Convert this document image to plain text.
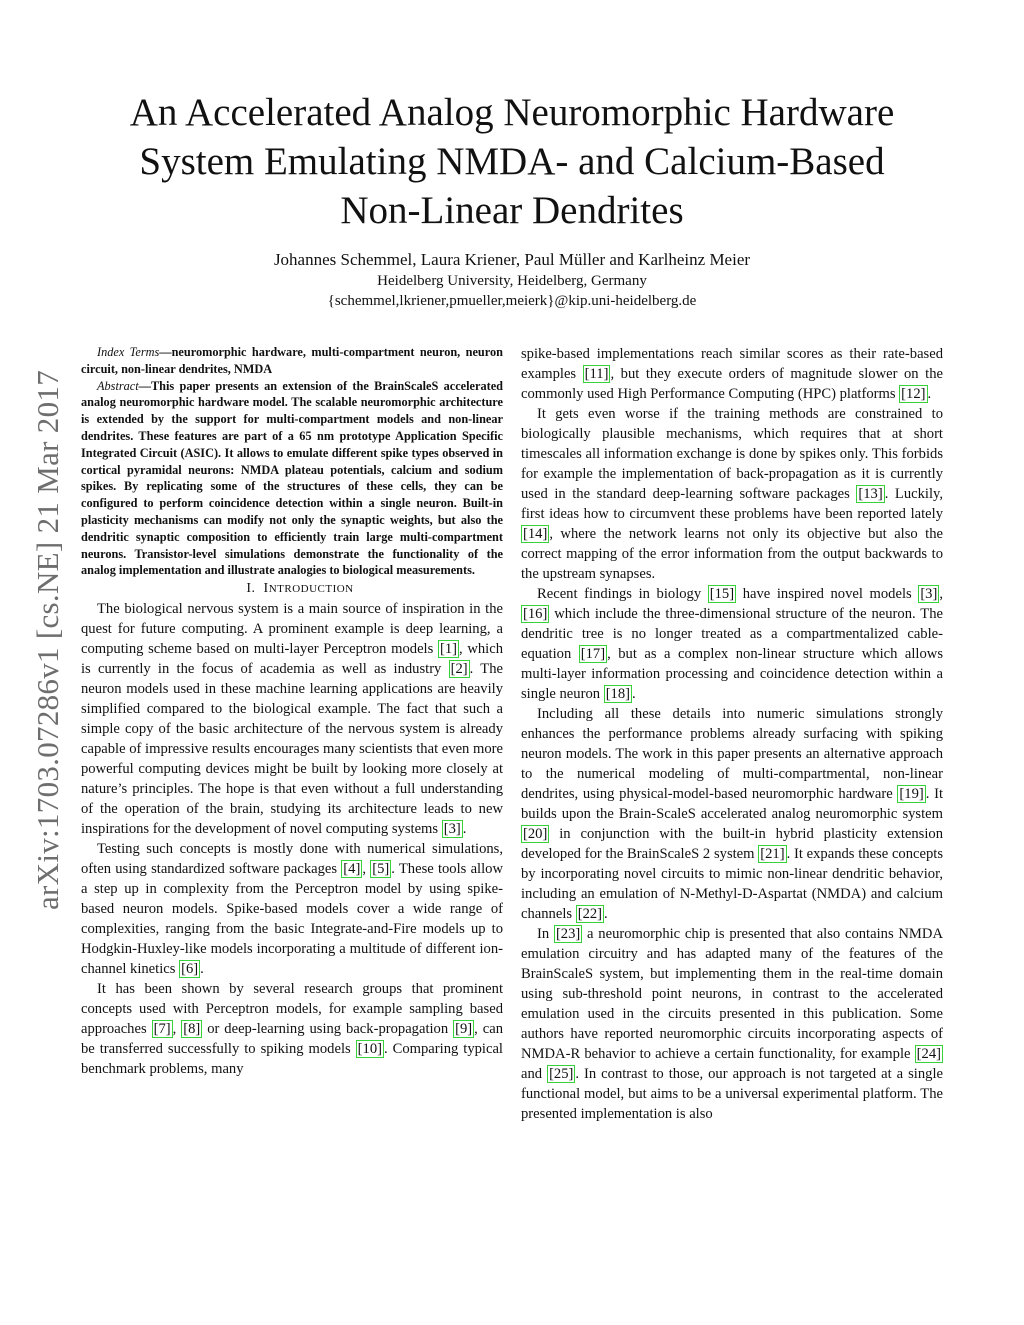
arXiv:1703.07286v1 [cs.NE] 21 Mar 2017
An Accelerated Analog Neuromorphic Hardware
System Emulating NMDA- and Calcium-Based
Non-Linear Dendrites
Johannes Schemmel, Laura Kriener, Paul Müller and Karlheinz Meier
Heidelberg University, Heidelberg, Germany
{schemmel,lkriener,pmueller,meierk}@kip.uni-heidelberg.de

Index Terms—neuromorphic hardware, multi-compartment neuron, neuron circuit, non-linear dendrites, NMDA

Abstract—This paper presents an extension of the BrainScaleS accelerated analog neuromorphic hardware model. The scalable neuromorphic architecture is extended by the support for multi-compartment models and non-linear dendrites. These features are part of a 65 nm prototype Application Specific Integrated Circuit (ASIC). It allows to emulate different spike types observed in cortical pyramidal neurons: NMDA plateau potentials, calcium and sodium spikes. By replicating some of the structures of these cells, they can be configured to perform coincidence detection within a single neuron. Built-in plasticity mechanisms can modify not only the synaptic weights, but also the dendritic synaptic composition to efficiently train large multi-compartment neurons. Transistor-level simulations demonstrate the functionality of the analog implementation and illustrate analogies to biological measurements.

I. INTRODUCTION

The biological nervous system is a main source of inspiration in the quest for future computing. A prominent example is deep learning, a computing scheme based on multi-layer Perceptron models [1] , which is currently in the focus of academia as well as industry [2] . The neuron models used in these machine learning applications are heavily simplified compared to the biological example. The fact that such a simple copy of the basic architecture of the nervous system is already capable of impressive results encourages many scientists that even more powerful computing devices might be built by looking more closely at nature’s principles. The hope is that even without a full understanding of the operation of the brain, studying its architecture leads to new inspirations for the development of novel computing systems [3] .

Testing such concepts is mostly done with numerical simulations, often using standardized software packages [4] , [5] . These tools allow a step up in complexity from the Perceptron model by using spike-based neuron models. Spike-based models cover a wide range of complexities, ranging from the basic Integrate-and-Fire models up to Hodgkin-Huxley-like models incorporating a multitude of different ion-channel kinetics [6] .

It has been shown by several research groups that prominent concepts used with Perceptron models, for example sampling based approaches [7] , [8] or deep-learning using back-propagation [9] , can be transferred successfully to spiking models [10] . Comparing typical benchmark problems, many

spike-based implementations reach similar scores as their rate-based examples [11] , but they execute orders of magnitude slower on the commonly used High Performance Computing (HPC) platforms [12] .

It gets even worse if the training methods are constrained to biologically plausible mechanisms, which requires that at short timescales all information exchange is done by spikes only. This forbids for example the implementation of back-propagation as it is currently used in the standard deep-learning software packages [13] . Luckily, first ideas how to circumvent these problems have been reported lately [14] , where the network learns not only its objective but also the correct mapping of the error information from the output backwards to the upstream synapses.

Recent findings in biology [15] have inspired novel models [3] , [16] which include the three-dimensional structure of the neuron. The dendritic tree is no longer treated as a compartmentalized cable-equation [17] , but as a complex non-linear structure which allows multi-layer information processing and coincidence detection within a single neuron [18] .

Including all these details into numeric simulations strongly enhances the performance problems already surfacing with spiking neuron models. The work in this paper presents an alternative approach to the numerical modeling of multi-compartmental, non-linear dendrites, using physical-model-based neuromorphic hardware [19] . It builds upon the Brain-ScaleS accelerated analog neuromorphic system [20] in conjunction with the built-in hybrid plasticity extension developed for the BrainScaleS 2 system [21] . It expands these concepts by incorporating novel circuits to mimic non-linear dendritic behavior, including an emulation of N-Methyl-D-Aspartat (NMDA) and calcium channels [22] .

In [23] a neuromorphic chip is presented that also contains NMDA emulation circuitry and has adapted many of the features of the BrainScaleS system, but implementing them in the real-time domain using sub-threshold point neurons, in contrast to the accelerated emulation used in the circuits presented in this publication. Some authors have reported neuromorphic circuits incorporating aspects of NMDA-R behavior to achieve a certain functionality, for example [24] and [25] . In contrast to those, our approach is not targeted at a single functional model, but aims to be a universal experimental platform. The presented implementation is also
